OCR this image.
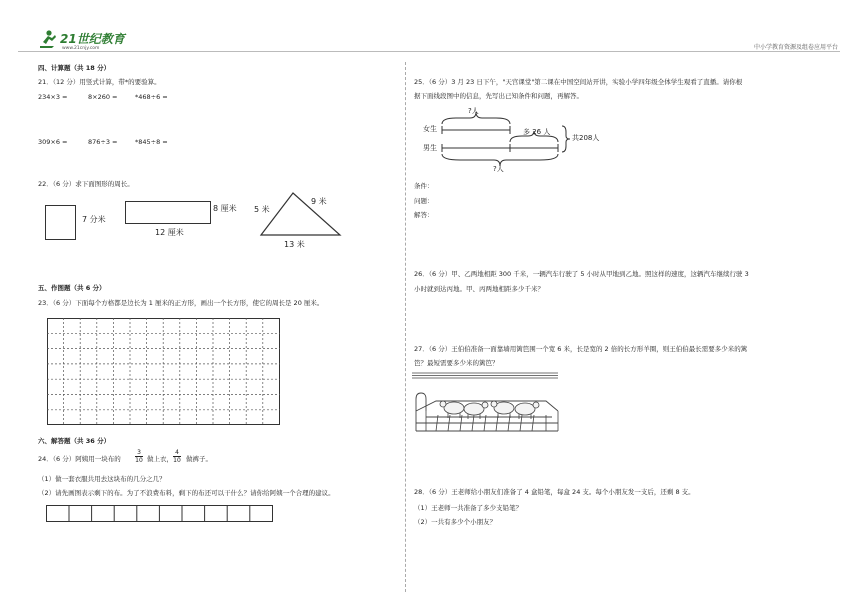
21世纪教育
www.21cnjy.com	中小学教育资源及组卷应用平台
四、计算题（共 18 分）
21．（12 分）用竖式计算，带*的要验算。
234×3 =	8×260 =	*468÷6 =
309×6 =	876÷3 =	*845÷8 =
22．（6 分）求下面图形的周长。
7 分米
8 厘米
12 厘米
5 米
9 米
13 米
五、作图题（共 6 分）
23．（6 分）下面每个方格都是边长为 1 厘米的正方形，画出一个长方形，使它的周长是 20 厘米。
六、解答题（共 36 分）
24．（6 分）阿姨用一块布的
3
10 做上衣，
4
10 做裤子。
（1）做一套衣服共用去这块布的几分之几？
（2）请先画图表示剩下的布。为了不浪费布料，剩下的布还可以干什么？请你给阿姨一个合理的建议。
25．（6 分）3 月 23 日下午，"天宫课堂"第二课在中国空间站开讲，实验小学四年级全体学生观看了直播。请你根
据下面线段图中的信息，先写出已知条件和问题，再解答。
女生
男生
?人
多 26 人
共208人
?人
条件：
问题：
解答：
26．（6 分）甲、乙两地相距 300 千米，一辆汽车行驶了 5 小时从甲地到乙地。照这样的速度，这辆汽车继续行驶 3
小时就到达丙地。甲、丙两地相距多少千米？
27．（6 分）王伯伯准备一面靠墙用篱笆围一个宽 6 米，长是宽的 2 倍的长方形羊圈，则王伯伯最长需要多少米的篱
笆？最短需要多少米的篱笆？
28．（6 分）王老师给小朋友们准备了 4 盒铅笔，每盒 24 支。每个小朋友发一支后，还剩 8 支。
（1）王老师一共准备了多少支铅笔？
（2）一共有多少个小朋友？
